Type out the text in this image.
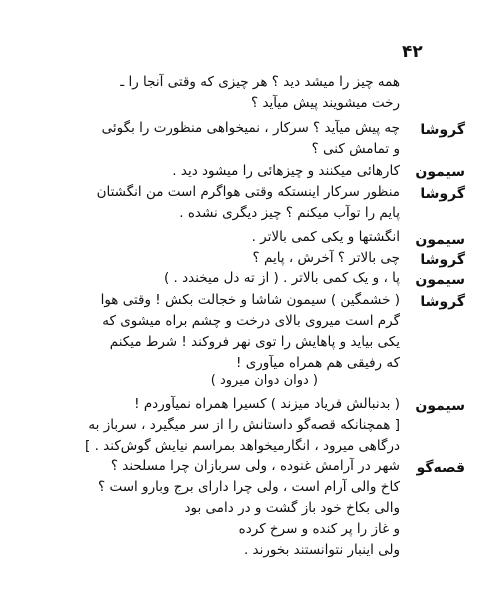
۴۲
گروشا
سیمون
گروشا
سیمون
گروشا
سیمون
گروشا
سیمون
قصه‌گو
همه چیز را میشد دید ؟ هر چیزی که وقتی آنجا را ـ
رخت میشویند پیش میآید ؟
چه پیش میآید ؟ سرکار ، نمیخواهی منظورت را بگوئی
و تمامش کنی ؟
کارهائی میکنند و چیزهائی را میشود دید .
منظور سرکار اینستکه وقتی هواگرم است من انگشتان
پایم را توآب میکنم ؟ چیز دیگری نشده .
انگشتها و یکی کمی بالاتر .
چی بالاتر ؟ آخرش ، پایم ؟
پا ، و یک کمی بالاتر . ( از ته دل میخندد . )
( خشمگین ) سیمون شاشا و خجالت بکش ! وقتی هوا
گرم است میروی بالای درخت و چشم براه میشوی که
یکی بیاید و پاهایش را توی نهر فروکند ! شرط میکنم
که رفیقی هم همراه میآوری !
( دوان دوان میرود )
( بدنبالش فریاد میزند ) کسیرا همراه نمیآوردم !
[ همچنانکه قصه‌گو داستانش را از سر میگیرد ، سرباز به
درگاهی میرود ، انگارمیخواهد بمراسم نیایش گوش‌کند . ]
شهر در آرامش غنوده ، ولی سربازان چرا مسلحند ؟
کاخ والی آرام است ، ولی چرا دارای برج وبارو است ؟
والی بکاخ خود باز گشت و در دامی بود
و غاز را پر کنده و سرخ کرده
ولی اینبار نتوانستند بخورند .
